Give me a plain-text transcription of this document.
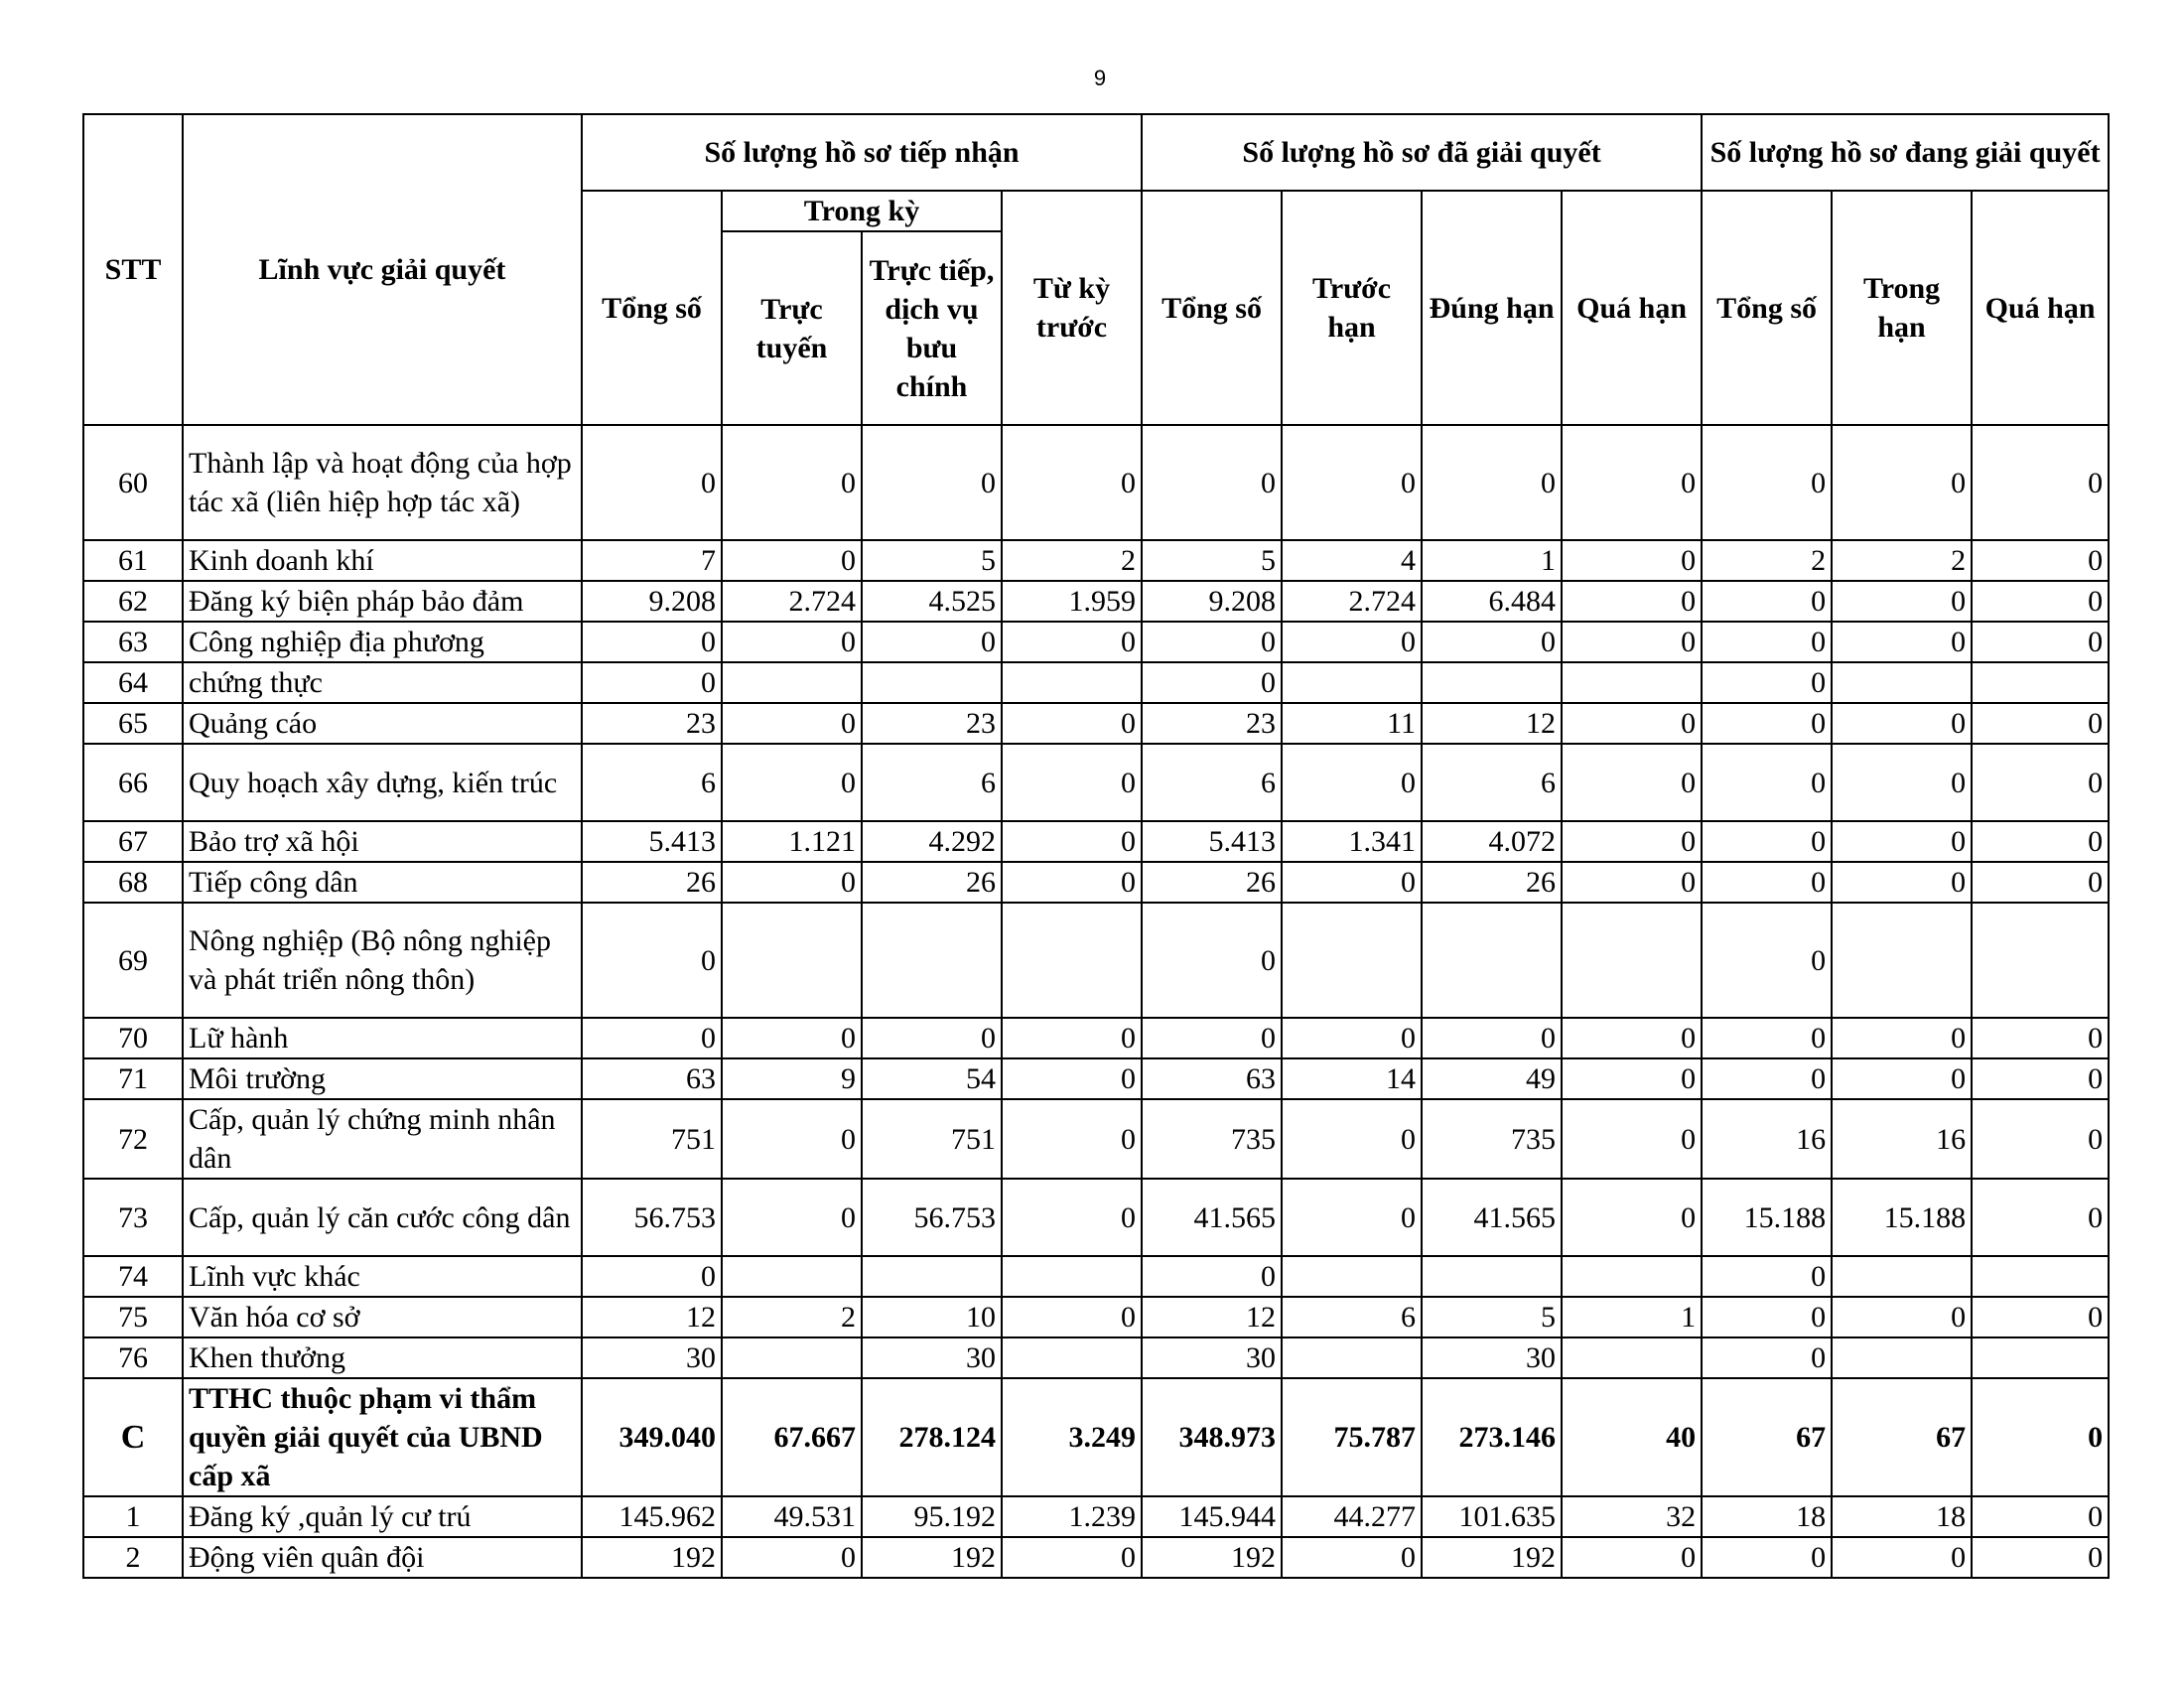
9
STT	Lĩnh vực giải quyết	Số lượng hồ sơ tiếp nhận				Số lượng hồ sơ đã giải quyết				Số lượng hồ sơ đang giải quyết		
		Tổng số	Trong kỳ		Từ kỳ trước	Tổng số	Trước hạn	Đúng hạn	Quá hạn	Tổng số	Trong hạn	Quá hạn
			Trực tuyến	Trực tiếp, dịch vụ bưu chính								
60	Thành lập và hoạt động của hợp tác xã (liên hiệp hợp tác xã)	0	0	0	0	0	0	0	0	0	0	0
61	Kinh doanh khí	7	0	5	2	5	4	1	0	2	2	0
62	Đăng ký biện pháp bảo đảm	9.208	2.724	4.525	1.959	9.208	2.724	6.484	0	0	0	0
63	Công nghiệp địa phương	0	0	0	0	0	0	0	0	0	0	0
64	chứng thực	0				0				0		
65	Quảng cáo	23	0	23	0	23	11	12	0	0	0	0
66	Quy hoạch xây dựng, kiến trúc	6	0	6	0	6	0	6	0	0	0	0
67	Bảo trợ xã hội	5.413	1.121	4.292	0	5.413	1.341	4.072	0	0	0	0
68	Tiếp công dân	26	0	26	0	26	0	26	0	0	0	0
69	Nông nghiệp (Bộ nông nghiệp và phát triển nông thôn)	0				0				0		
70	Lữ hành	0	0	0	0	0	0	0	0	0	0	0
71	Môi trường	63	9	54	0	63	14	49	0	0	0	0
72	Cấp, quản lý chứng minh nhân dân	751	0	751	0	735	0	735	0	16	16	0
73	Cấp, quản lý căn cước công dân	56.753	0	56.753	0	41.565	0	41.565	0	15.188	15.188	0
74	Lĩnh vực khác	0				0				0		
75	Văn hóa cơ sở	12	2	10	0	12	6	5	1	0	0	0
76	Khen thưởng	30		30		30		30		0		
C	TTHC thuộc phạm vi thẩm quyền giải quyết của UBND cấp xã	349.040	67.667	278.124	3.249	348.973	75.787	273.146	40	67	67	0
1	Đăng ký ,quản lý cư trú	145.962	49.531	95.192	1.239	145.944	44.277	101.635	32	18	18	0
2	Động viên quân đội	192	0	192	0	192	0	192	0	0	0	0
